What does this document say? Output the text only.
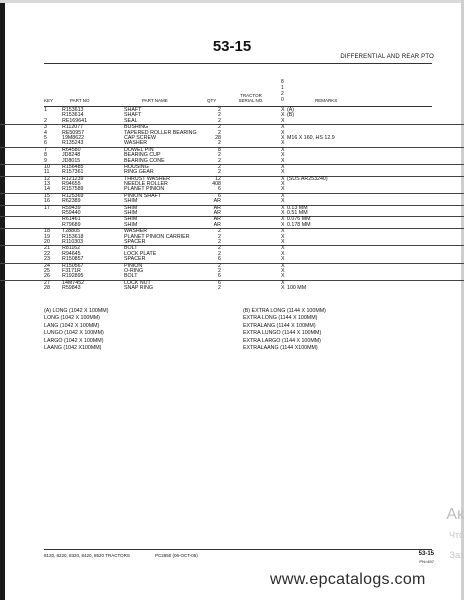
53-15
DIFFERENTIAL AND REAR PTO
KEY	PART NO	PART NAME	QTY
TRACTOR SERIAL NO.
8
1
2
0	REMARKS
1	R153613	SHAFT	2	X (A)
R153614	SHAFT	2	X (B)
2	RE169641	SEAL	2	X
3	R112077	BUSHING	2	X
4	RE50957	TAPERED ROLLER BEARING	2	X
5	19M8622	CAP SCREW	28	X M16 X 160, HS 12.9
6	R135243	WASHER	2	X
7	R64580	DOWEL PIN	8	X
8	JD8248	BEARING CUP	2	X
9	JD8015	BEARING CONE	2	X
10	R156485	HOUSING	2	X
11	R157361	RING GEAR	2	X
12	R121239	THRUST WASHER	12	X (SUS AR253240)
13	R94655	NEEDLE ROLLER	408	X
14	R157589	PLANET PINION	6	X
15	R125369	PINION SHAFT	6	X
16	R62389	SHIM	AR	X
17	R59439	SHIM	AR	X 0.13 MM
R59440	SHIM	AR	X 0.51 MM
R61461	SHIM	AR	X 0.076 MM
R79689	SHIM	AR	X 0.178 MM
18	T28805	WASHER	2	X
19	R153618	PLANET PINION CARRIER	2	X
20	R110303	SPACER	2	X
21	R81162	BOLT	2	X
22	R94645	LOCK PLATE	2	X
23	R150857	SPACER	6	X
24	R150567	PINION	2	X
25	F3171R	O-RING	2	X
26	R192895	BOLT	6	X
27	14M7452	LOCK NUT	6	X
28	R59843	SNAP RING	2	X 100 MM
(A) LONG (1042 X 100MM)
LONG (1042 X 100MM)
LANG (1042 X 100MM)
LUNGO (1042 X 100MM)
LARGO (1042 X 100MM)
LAANG (1042 X100MM)
(B) EXTRA LONG (1144 X 100MM)
EXTRA LONG (1144 X 100MM)
EXTRALANG (1144 X 100MM)
EXTRA LUNGO (1144 X 100MM)
EXTRA LARGO (1144 X 100MM)
EXTRALAANG (1144 X100MM)
Ак
Что
Заз
8120, 8220, 8320, 8420, 8520 TRACTORS	PC2850 (06-OCT-05)	53-15
PN=497
www.epcatalogs.com
